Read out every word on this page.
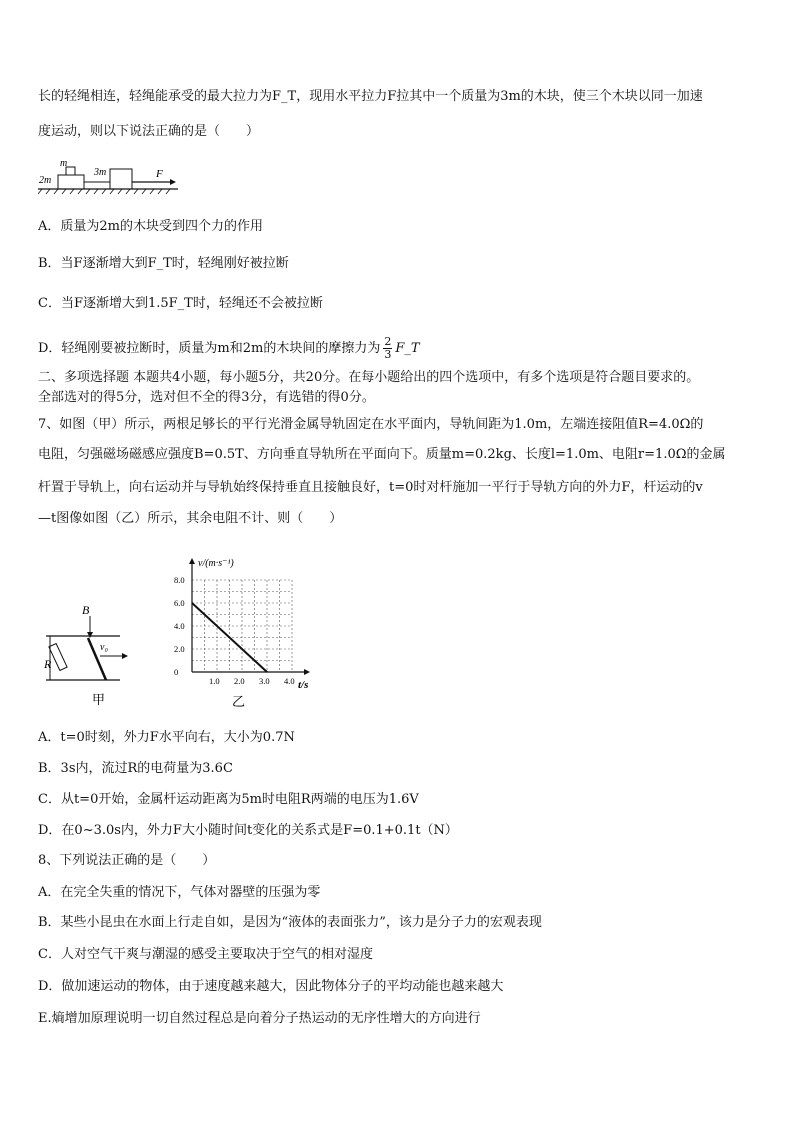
长的轻绳相连，轻绳能承受的最大拉力为F_T，现用水平拉力F拉其中一个质量为3m的木块，使三个木块以同一加速
度运动，则以下说法正确的是（　　）
m
2m
3m	F
A．质量为2m的木块受到四个力的作用
B．当F逐渐增大到F_T时，轻绳刚好被拉断
C．当F逐渐增大到1.5F_T时，轻绳还不会被拉断
D．轻绳刚要被拉断时，质量为m和2m的木块间的摩擦力为 $\frac{2}{3}$ F_T
二、多项选择题 本题共4小题，每小题5分，共20分。在每小题给出的四个选项中，有多个选项是符合题目要求的。
全部选对的得5分，选对但不全的得3分，有选错的得0分。
7、如图（甲）所示，两根足够长的平行光滑金属导轨固定在水平面内，导轨间距为1.0m，左端连接阻值R=4.0Ω的
电阻，匀强磁场磁感应强度B=0.5T、方向垂直导轨所在平面向下。质量m=0.2kg、长度l=1.0m、电阻r=1.0Ω的金属
杆置于导轨上，向右运动并与导轨始终保持垂直且接触良好，t=0时对杆施加一平行于导轨方向的外力F，杆运动的v
—t图像如图（乙）所示，其余电阻不计、则（　　）
B
R
v₀
甲
1.0 2.0 3.0 4.0
0
2.0
4.0
6.0
8.0
v/(m·s⁻¹)
t/s
乙
A．t=0时刻，外力F水平向右，大小为0.7N
B．3s内，流过R的电荷量为3.6C
C．从t=0开始，金属杆运动距离为5m时电阻R两端的电压为1.6V
D．在0~3.0s内，外力F大小随时间t变化的关系式是F=0.1+0.1t（N）
8、下列说法正确的是（　　）
A．在完全失重的情况下，气体对器壁的压强为零
B．某些小昆虫在水面上行走自如，是因为“液体的表面张力”，该力是分子力的宏观表现
C．人对空气干爽与潮湿的感受主要取决于空气的相对湿度
D．做加速运动的物体，由于速度越来越大，因此物体分子的平均动能也越来越大
E.熵增加原理说明一切自然过程总是向着分子热运动的无序性增大的方向进行
